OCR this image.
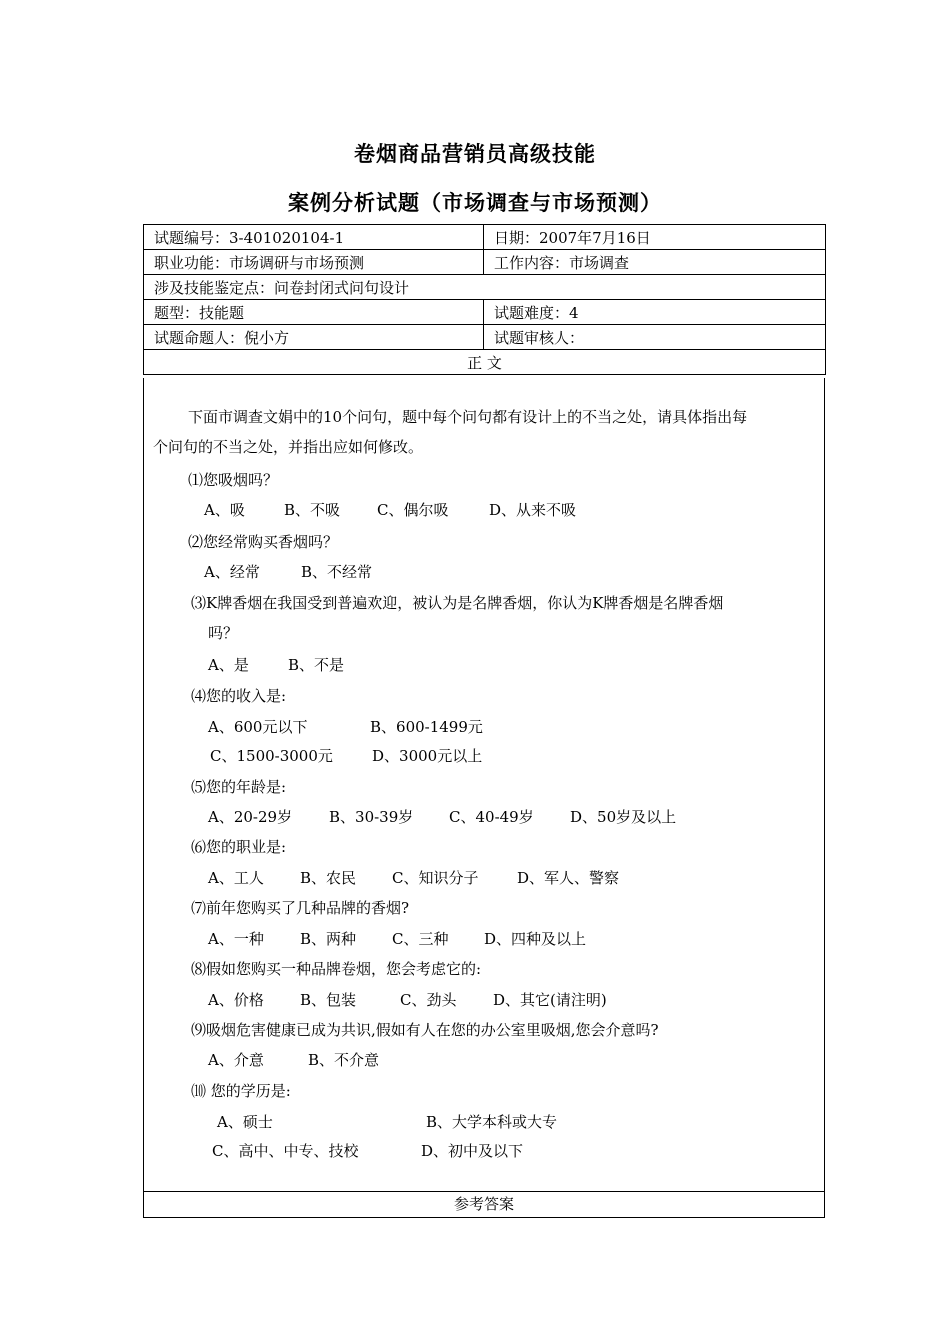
卷烟商品营销员高级技能
案例分析试题（市场调查与市场预测）
试题编号：3-401020104-1	日期：2007年7月16日
职业功能：市场调研与市场预测	工作内容：市场调查
涉及技能鉴定点：问卷封闭式问句设计	
题型：技能题	试题难度：4
试题命题人：倪小方	试题审核人：
正 文	
下面市调查文娟中的10个问句，题中每个问句都有设计上的不当之处，请具体指出每
个问句的不当之处，并指出应如何修改。
⑴您吸烟吗？
A、吸	B、不吸 C、偶尔吸	D、从来不吸
⑵您经常购买香烟吗？
A、经常	B、不经常
⑶K牌香烟在我国受到普遍欢迎，被认为是名牌香烟，你认为K牌香烟是名牌香烟
吗？
A、是	B、不是
⑷您的收入是:
A、600元以下	B、600-1499元
C、1500-3000元	D、3000元以上
⑸您的年龄是:
A、20-29岁 B、30-39岁 C、40-49岁 D、50岁及以上
⑹您的职业是:
A、工人 B、农民 C、知识分子	D、军人、警察
⑺前年您购买了几种品牌的香烟?
A、一种 B、两种 C、三种 D、四种及以上
⑻假如您购买一种品牌卷烟，您会考虑它的:
A、价格 B、包装	C、劲头 D、其它(请注明)
⑼吸烟危害健康已成为共识,假如有人在您的办公室里吸烟,您会介意吗?
A、介意	B、不介意
⑽ 您的学历是:
A、硕士	B、大学本科或大专
C、高中、中专、技校	D、初中及以下
参考答案
